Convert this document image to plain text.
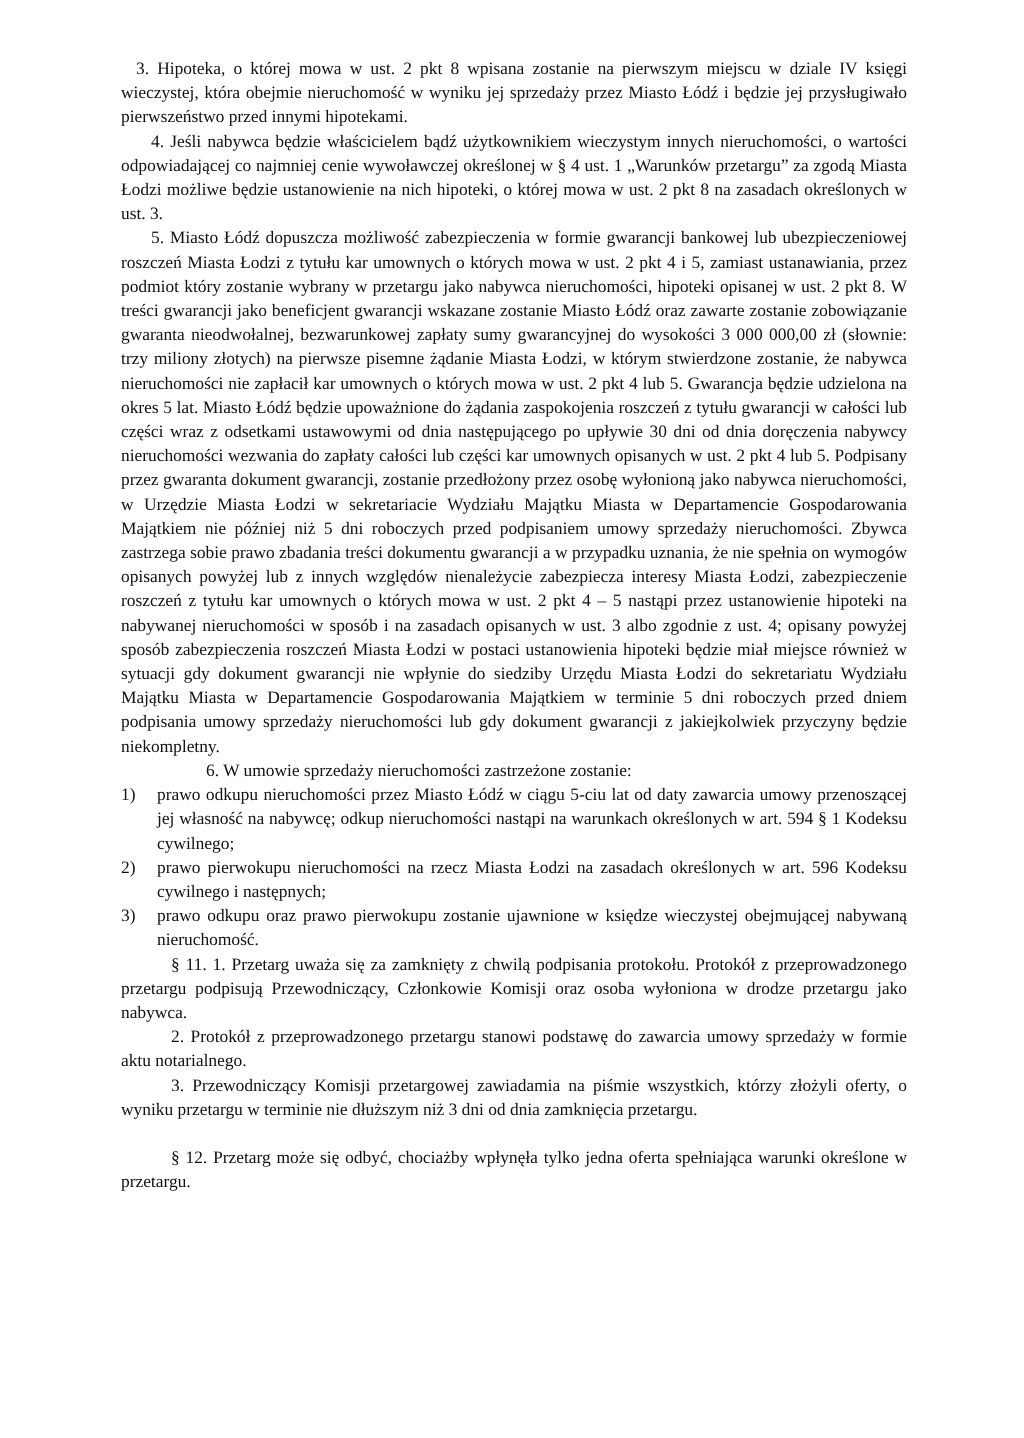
3. Hipoteka, o której mowa w ust. 2 pkt 8 wpisana zostanie na pierwszym miejscu w dziale IV księgi wieczystej, która obejmie nieruchomość w wyniku jej sprzedaży przez Miasto Łódź i będzie jej przysługiwało pierwszeństwo przed innymi hipotekami.

4. Jeśli nabywca będzie właścicielem bądź użytkownikiem wieczystym innych nieruchomości, o wartości odpowiadającej co najmniej cenie wywoławczej określonej w § 4 ust. 1 „Warunków przetargu” za zgodą Miasta Łodzi możliwe będzie ustanowienie na nich hipoteki, o której mowa w ust. 2 pkt 8 na zasadach określonych w ust. 3.

5. Miasto Łódź dopuszcza możliwość zabezpieczenia w formie gwarancji bankowej lub ubezpieczeniowej roszczeń Miasta Łodzi z tytułu kar umownych o których mowa w ust. 2 pkt 4 i 5, zamiast ustanawiania, przez podmiot który zostanie wybrany w przetargu jako nabywca nieruchomości, hipoteki opisanej w ust. 2 pkt 8. W treści gwarancji jako beneficjent gwarancji wskazane zostanie Miasto Łódź oraz zawarte zostanie zobowiązanie gwaranta nieodwołalnej, bezwarunkowej zapłaty sumy gwarancyjnej do wysokości 3 000 000,00 zł (słownie: trzy miliony złotych) na pierwsze pisemne żądanie Miasta Łodzi, w którym stwierdzone zostanie, że nabywca nieruchomości nie zapłacił kar umownych o których mowa w ust. 2 pkt 4 lub 5. Gwarancja będzie udzielona na okres 5 lat. Miasto Łódź będzie upoważnione do żądania zaspokojenia roszczeń z tytułu gwarancji w całości lub części wraz z odsetkami ustawowymi od dnia następującego po upływie 30 dni od dnia doręczenia nabywcy nieruchomości wezwania do zapłaty całości lub części kar umownych opisanych w ust. 2 pkt 4 lub 5. Podpisany przez gwaranta dokument gwarancji, zostanie przedłożony przez osobę wyłonioną jako nabywca nieruchomości, w Urzędzie Miasta Łodzi w sekretariacie Wydziału Majątku Miasta w Departamencie Gospodarowania Majątkiem nie później niż 5 dni roboczych przed podpisaniem umowy sprzedaży nieruchomości. Zbywca zastrzega sobie prawo zbadania treści dokumentu gwarancji a w przypadku uznania, że nie spełnia on wymogów opisanych powyżej lub z innych względów nienależycie zabezpiecza interesy Miasta Łodzi, zabezpieczenie roszczeń z tytułu kar umownych o których mowa w ust. 2 pkt 4 – 5 nastąpi przez ustanowienie hipoteki na nabywanej nieruchomości w sposób i na zasadach opisanych w ust. 3 albo zgodnie z ust. 4; opisany powyżej sposób zabezpieczenia roszczeń Miasta Łodzi w postaci ustanowienia hipoteki będzie miał miejsce również w sytuacji gdy dokument gwarancji nie wpłynie do siedziby Urzędu Miasta Łodzi do sekretariatu Wydziału Majątku Miasta w Departamencie Gospodarowania Majątkiem w terminie 5 dni roboczych przed dniem podpisania umowy sprzedaży nieruchomości lub gdy dokument gwarancji z jakiejkolwiek przyczyny będzie niekompletny.

6. W umowie sprzedaży nieruchomości zastrzeżone zostanie:

1) prawo odkupu nieruchomości przez Miasto Łódź w ciągu 5-ciu lat od daty zawarcia umowy przenoszącej jej własność na nabywcę; odkup nieruchomości nastąpi na warunkach określonych w art. 594 § 1 Kodeksu cywilnego;
2) prawo pierwokupu nieruchomości na rzecz Miasta Łodzi na zasadach określonych w art. 596 Kodeksu cywilnego i następnych;
3) prawo odkupu oraz prawo pierwokupu zostanie ujawnione w księdze wieczystej obejmującej nabywaną nieruchomość.

§ 11. 1. Przetarg uważa się za zamknięty z chwilą podpisania protokołu. Protokół z przeprowadzonego przetargu podpisują Przewodniczący, Członkowie Komisji oraz osoba wyłoniona w drodze przetargu jako nabywca.

2. Protokół z przeprowadzonego przetargu stanowi podstawę do zawarcia umowy sprzedaży w formie aktu notarialnego.

3. Przewodniczący Komisji przetargowej zawiadamia na piśmie wszystkich, którzy złożyli oferty, o wyniku przetargu w terminie nie dłuższym niż 3 dni od dnia zamknięcia przetargu.

§ 12. Przetarg może się odbyć, chociażby wpłynęła tylko jedna oferta spełniająca warunki określone w przetargu.
